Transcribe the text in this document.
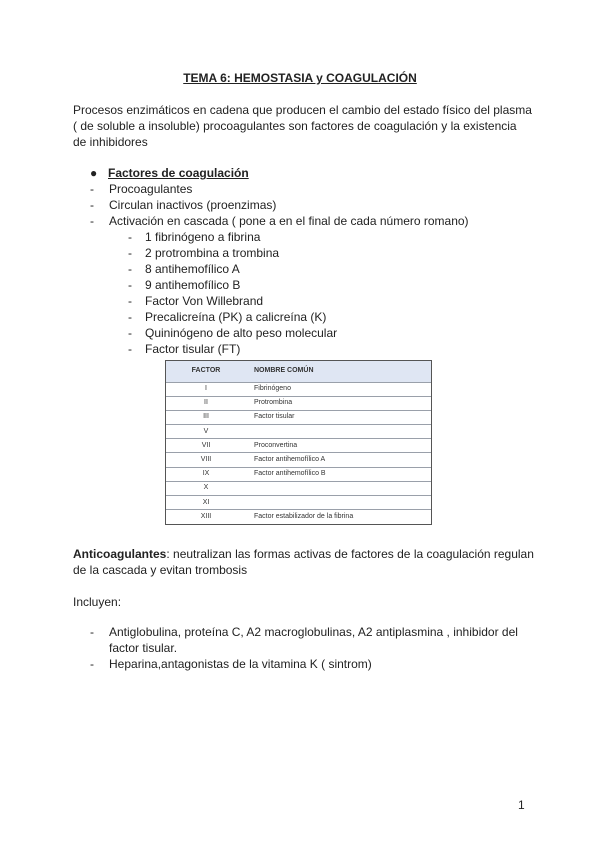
TEMA 6: HEMOSTASIA y COAGULACIÓN
Procesos enzimáticos en cadena que producen el cambio del estado físico del plasma ( de soluble a insoluble) procoagulantes son factores de coagulación y la existencia de inhibidores
● Factores de coagulación
- Procoagulantes
- Circulan inactivos (proenzimas)
- Activación en cascada ( pone a en el final de cada número romano)
- 1 fibrinógeno a fibrina
- 2 protrombina a trombina
- 8 antihemofílico A
- 9 antihemofílico B
- Factor Von Willebrand
- Precalicreína (PK) a calicreína (K)
- Quininógeno de alto peso molecular
- Factor tisular (FT)
FACTOR	NOMBRE COMÚN
I	Fibrinógeno
II	Protrombina
III	Factor tisular
V	
VII	Proconvertina
VIII	Factor antihemofílico A
IX	Factor antihemofílico B
X	
XI	
XIII	Factor estabilizador de la fibrina
Anticoagulantes: neutralizan las formas activas de factores de la coagulación regulan de la cascada y evitan trombosis
Incluyen:
- Antiglobulina, proteína C, A2 macroglobulinas, A2 antiplasmina , inhibidor del factor tisular.
- Heparina,antagonistas de la vitamina K ( sintrom)
1
